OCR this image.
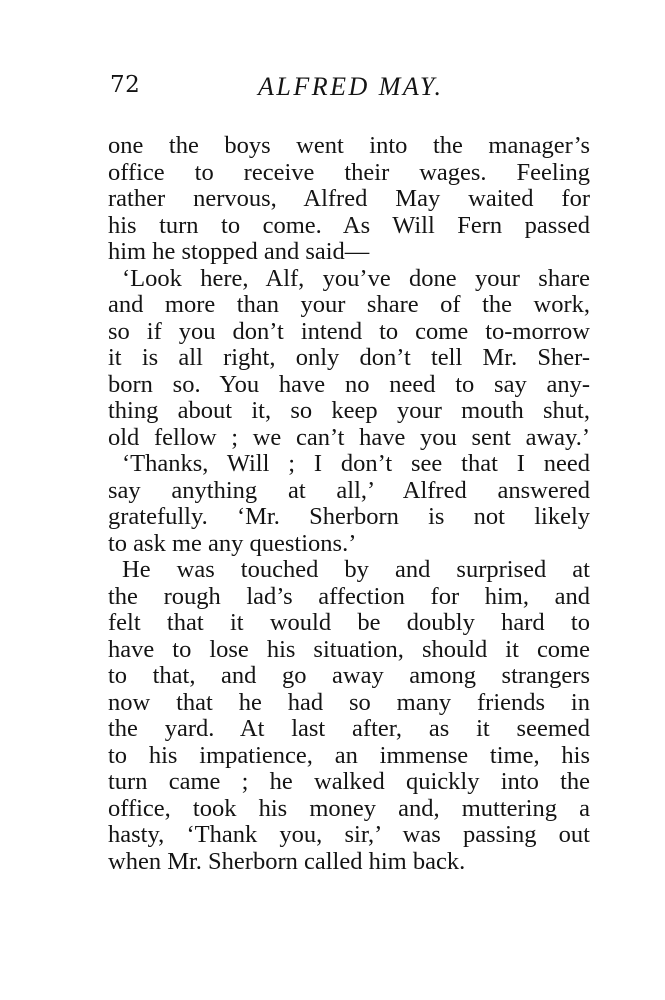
72	ALFRED MAY.
one the boys went into the manager’s
office to receive their wages. Feeling
rather nervous, Alfred May waited for
his turn to come. As Will Fern passed
him he stopped and said—
‘Look here, Alf, you’ve done your share
and more than your share of the work,
so if you don’t intend to come to-morrow
it is all right, only don’t tell Mr. Sher-
born so. You have no need to say any-
thing about it, so keep your mouth shut,
old fellow ; we can’t have you sent away.’
‘Thanks, Will ; I don’t see that I need
say anything at all,’ Alfred answered
gratefully. ‘Mr. Sherborn is not likely
to ask me any questions.’
He was touched by and surprised at
the rough lad’s affection for him, and
felt that it would be doubly hard to
have to lose his situation, should it come
to that, and go away among strangers
now that he had so many friends in
the yard. At last after, as it seemed
to his impatience, an immense time, his
turn came ; he walked quickly into the
office, took his money and, muttering a
hasty, ‘Thank you, sir,’ was passing out
when Mr. Sherborn called him back.
